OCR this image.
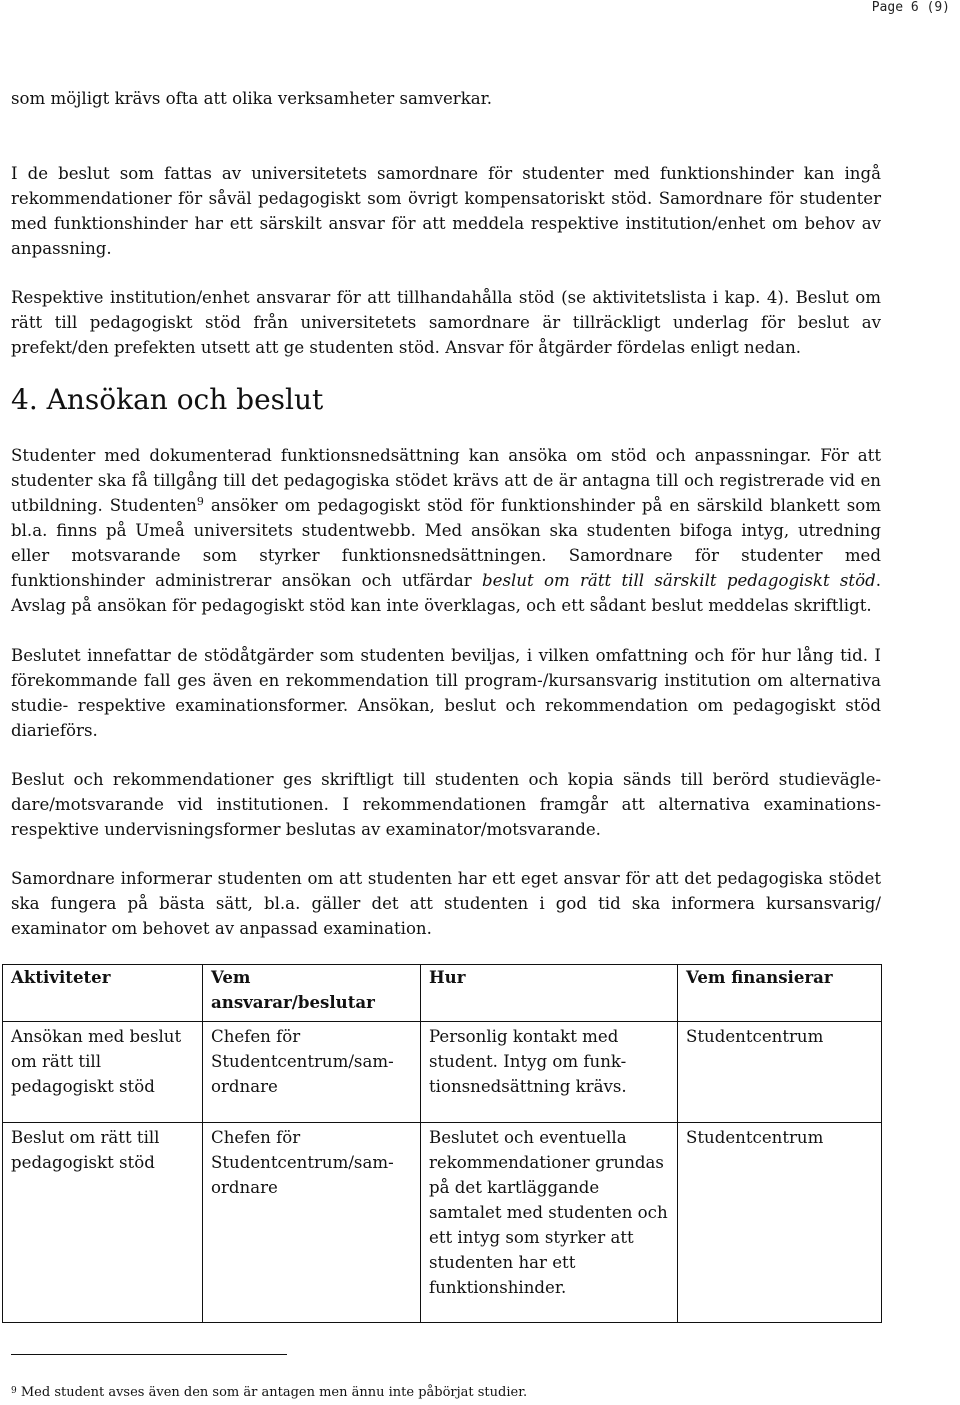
Page 6 (9)

som möjligt krävs ofta att olika verksamheter samverkar.

I de beslut som fattas av universitetets samordnare för studenter med funktionshinder kan ingå rekommendationer för såväl pedagogiskt som övrigt kompensatoriskt stöd. Samordnare för studenter med funktionshinder har ett särskilt ansvar för att meddela respektive institution/enhet om behov av anpassning.

Respektive institution/enhet ansvarar för att tillhandahålla stöd (se aktivitetslista i kap. 4). Beslut om rätt till pedagogiskt stöd från universitetets samordnare är tillräckligt underlag för beslut av prefekt/den prefekten utsett att ge studenten stöd. Ansvar för åtgärder fördelas enligt nedan.

4. Ansökan och beslut

Studenter med dokumenterad funktionsnedsättning kan ansöka om stöd och anpassningar. För att studenter ska få tillgång till det pedagogiska stödet krävs att de är antagna till och registrerade vid en utbildning. Studenten$^9$ ansöker om pedagogiskt stöd för funktionshinder på en särskild blankett som bl.a. finns på Umeå universitets studentwebb. Med ansökan ska studenten bifoga intyg, utredning eller motsvarande som styrker funktionsnedsättningen. Samordnare för studenter med funktionshinder administrerar ansökan och utfärdar beslut om rätt till särskilt pedagogiskt stöd. Avslag på ansökan för pedagogiskt stöd kan inte överklagas, och ett sådant beslut meddelas skriftligt.

Beslutet innefattar de stödåtgärder som studenten beviljas, i vilken omfattning och för hur lång tid. I förekommande fall ges även en rekommendation till program-/kursansvarig institution om alternativa studie- respektive examinationsformer. Ansökan, beslut och rekommendation om pedagogiskt stöd diarieförs.

Beslut och rekommendationer ges skriftligt till studenten och kopia sänds till berörd studievägle-dare/motsvarande vid institutionen. I rekommendationen framgår att alternativa examinations-respektive undervisningsformer beslutas av examinator/motsvarande.

Samordnare informerar studenten om att studenten har ett eget ansvar för att det pedagogiska stödet ska fungera på bästa sätt, bl.a. gäller det att studenten i god tid ska informera kursansvarig/ examinator om behovet av anpassad examination.

Aktiviteter	Vem ansvarar/beslutar	Hur	Vem finansierar
Ansökan med beslut om rätt till pedagogiskt stöd	Chefen för Studentcentrum/sam-ordnare	Personlig kontakt med student. Intyg om funk-tionsnedsättning krävs.	Studentcentrum
Beslut om rätt till pedagogiskt stöd	Chefen för Studentcentrum/sam-ordnare	Beslutet och eventuella rekommendationer grundas på det kartläggande samtalet med studenten och ett intyg som styrker att studenten har ett funktionshinder.	Studentcentrum
$^9$ Med student avses även den som är antagen men ännu inte påbörjat studier.
